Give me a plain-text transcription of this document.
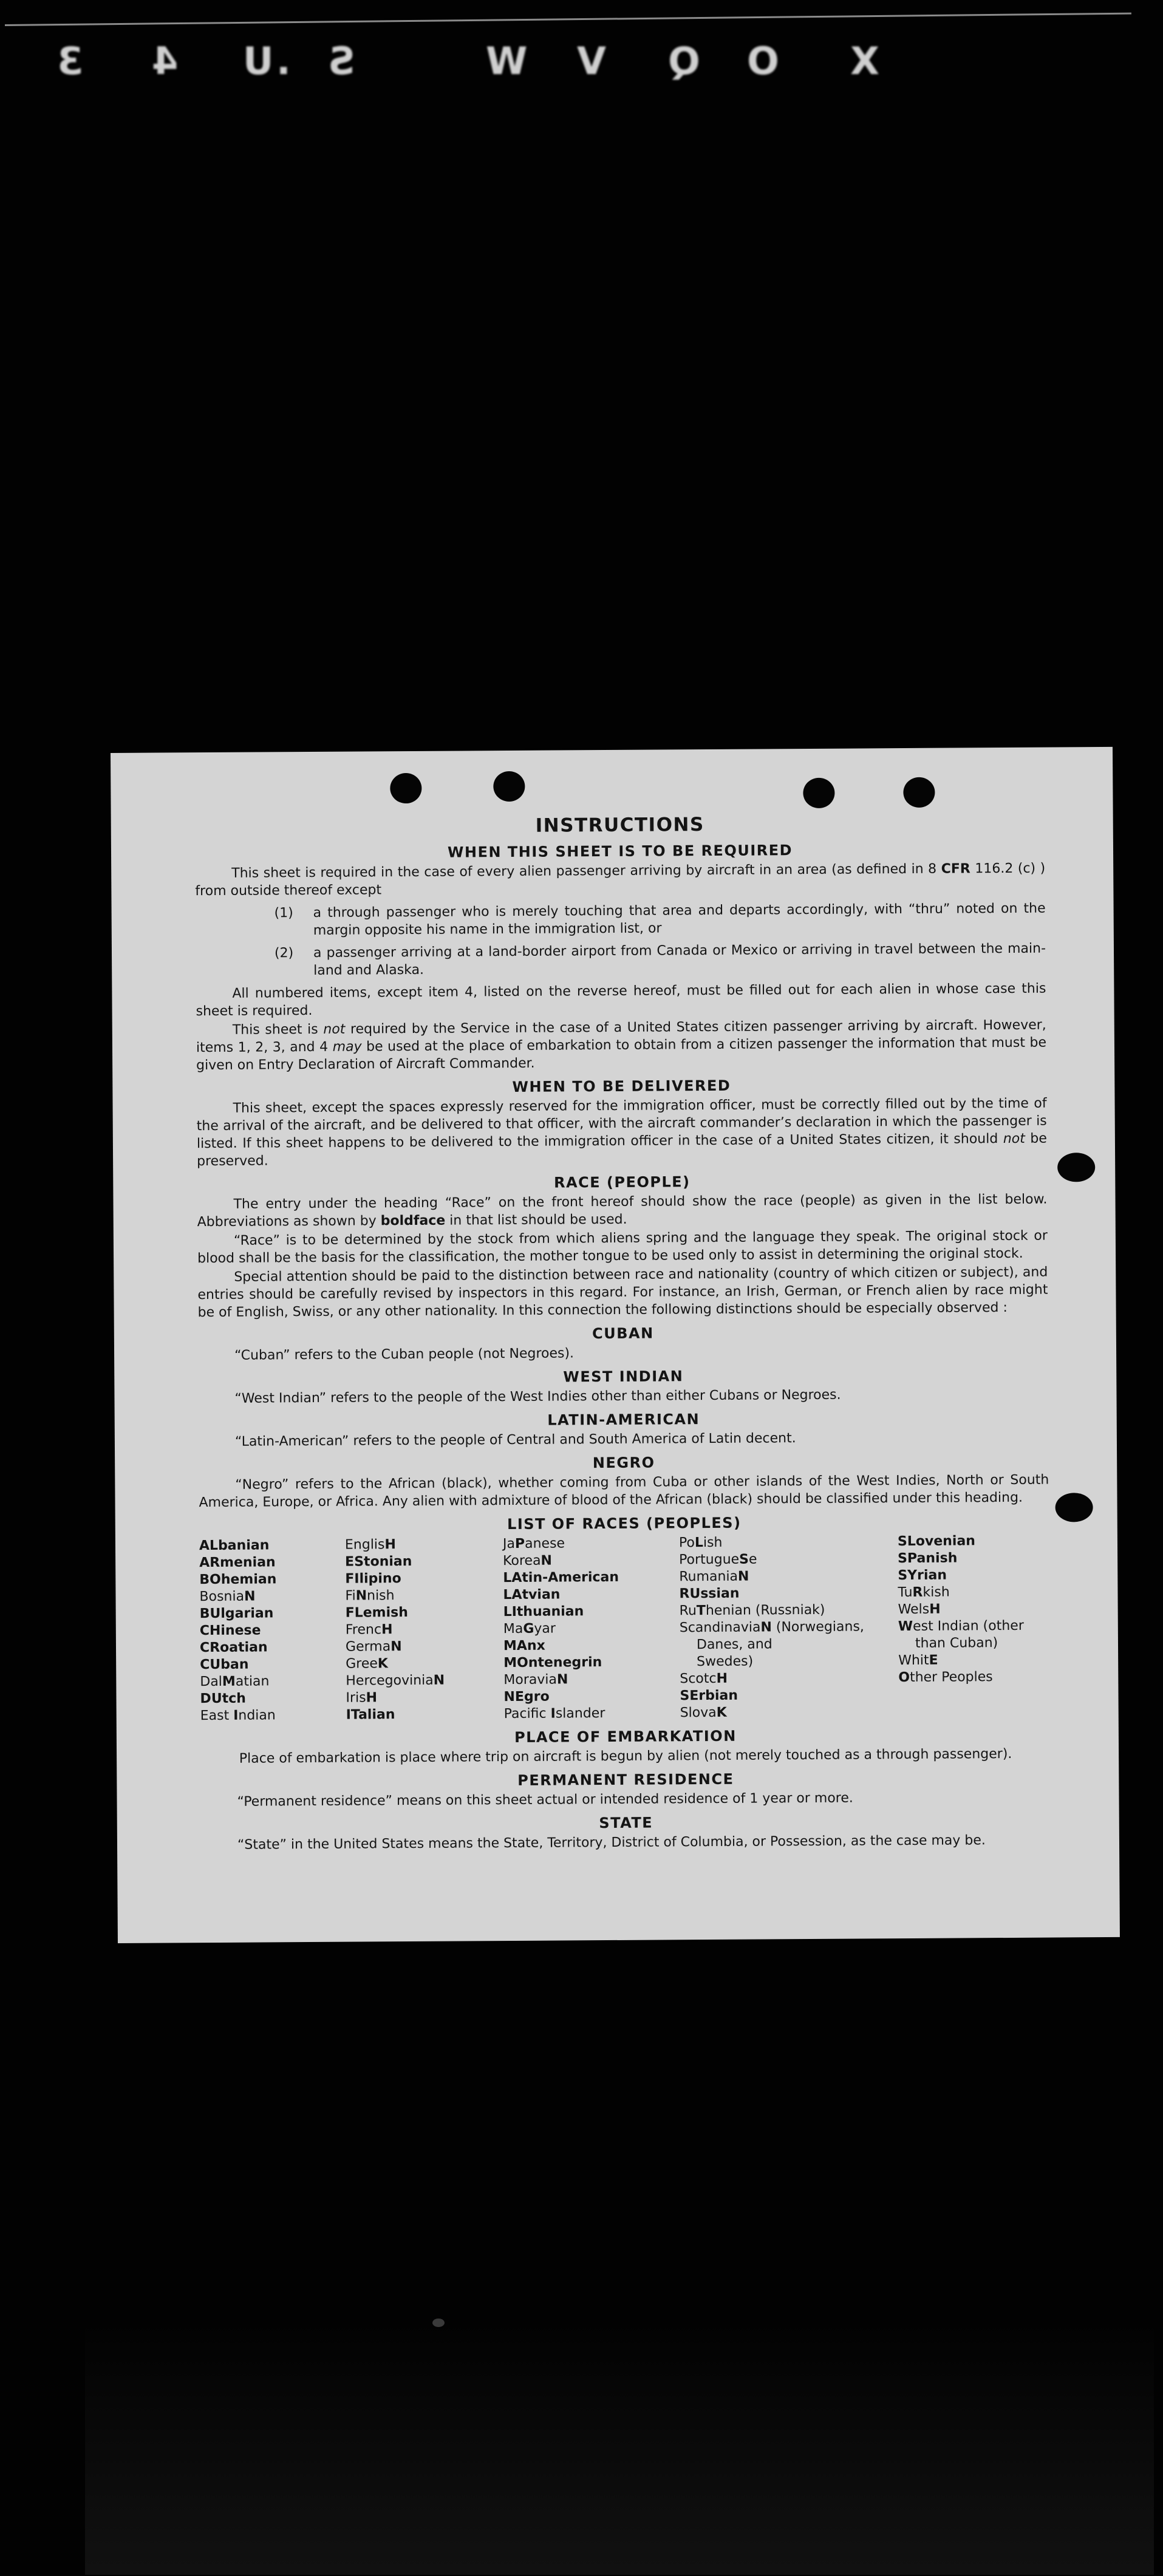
3 4 U . S	W V Q O X
INSTRUCTIONS
WHEN THIS SHEET IS TO BE REQUIRED

This sheet is required in the case of every alien passenger arriving by aircraft in an area (as defined in 8 CFR 116.2 (c) ) from outside thereof except

(1)	a through passenger who is merely touching that area and departs accordingly, with “thru” noted on the margin opposite his name in the immigration list, or
(2)	a passenger arriving at a land-border airport from Canada or Mexico or arriving in travel between the main-land and Alaska.

All numbered items, except item 4, listed on the reverse hereof, must be filled out for each alien in whose case this sheet is required.

This sheet is not required by the Service in the case of a United States citizen passenger arriving by aircraft. However, items 1, 2, 3, and 4 may be used at the place of embarkation to obtain from a citizen passenger the information that must be given on Entry Declaration of Aircraft Commander.

WHEN TO BE DELIVERED

This sheet, except the spaces expressly reserved for the immigration officer, must be correctly filled out by the time of the arrival of the aircraft, and be delivered to that officer, with the aircraft commander’s declaration in which the passenger is listed. If this sheet happens to be delivered to the immigration officer in the case of a United States citizen, it should not be preserved.

RACE (PEOPLE)

The entry under the heading “Race” on the front hereof should show the race (people) as given in the list below. Abbreviations as shown by boldface in that list should be used.

“Race” is to be determined by the stock from which aliens spring and the language they speak. The original stock or blood shall be the basis for the classification, the mother tongue to be used only to assist in determining the original stock.

Special attention should be paid to the distinction between race and nationality (country of which citizen or subject), and entries should be carefully revised by inspectors in this regard. For instance, an Irish, German, or French alien by race might be of English, Swiss, or any other nationality. In this connection the following distinctions should be especially observed :

CUBAN

“Cuban” refers to the Cuban people (not Negroes).

WEST INDIAN

“West Indian” refers to the people of the West Indies other than either Cubans or Negroes.

LATIN-AMERICAN

“Latin-American” refers to the people of Central and South America of Latin decent.

NEGRO

“Negro” refers to the African (black), whether coming from Cuba or other islands of the West Indies, North or South America, Europe, or Africa. Any alien with admixture of blood of the African (black) should be classified under this heading.

LIST OF RACES (PEOPLES)
ALbanian
ARmenian
BOhemian
BosniaN
BUlgarian
CHinese
CRoatian
CUban
DalMatian
DUtch
East Indian
EnglisH
EStonian
FIlipino
FiNnish
FLemish
FrencH
GermaN
GreeK
HercegoviniaN
IrisH
ITalian
JaPanese
KoreaN
LAtin-American
LAtvian
LIthuanian
MaGyar
MAnx
MOntenegrin
MoraviaN
NEgro
Pacific Islander
PoLish
PortugueSe
RumaniaN
RUssian
RuThenian (Russniak)
ScandinaviaN (Norwegians,
Danes, and
Swedes)
ScotcH
SErbian
SlovaK
SLovenian
SPanish
SYrian
TuRkish
WelsH
West Indian (other
than Cuban)
WhitE
Other Peoples
PLACE OF EMBARKATION

Place of embarkation is place where trip on aircraft is begun by alien (not merely touched as a through passenger).

PERMANENT RESIDENCE

“Permanent residence” means on this sheet actual or intended residence of 1 year or more.

STATE

“State” in the United States means the State, Territory, District of Columbia, or Possession, as the case may be.
